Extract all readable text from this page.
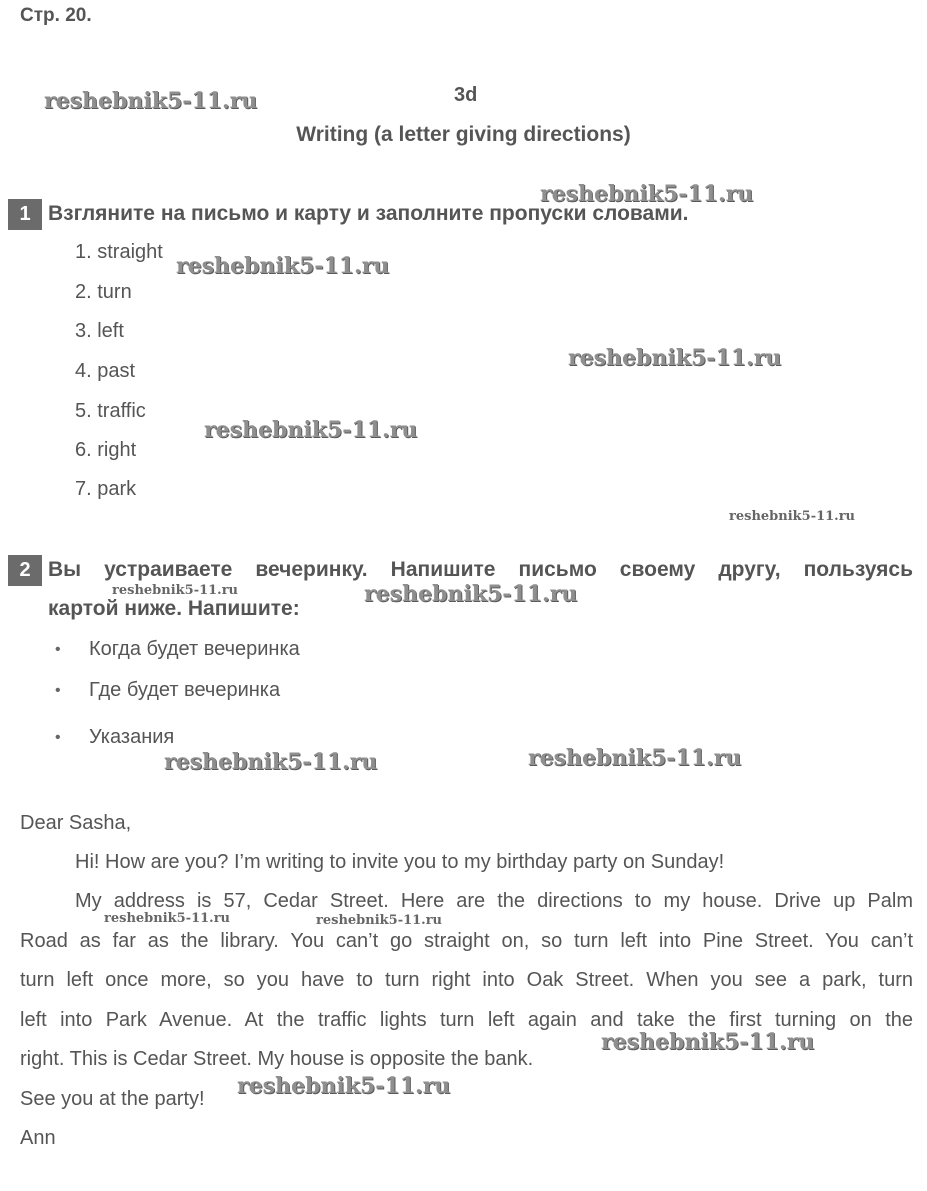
Стр. 20.
3d
Writing (a letter giving directions)
1 Взгляните на письмо и карту и заполните пропуски словами.
1. straight
2. turn
3. left
4. past
5. traffic
6. right
7. park
2 Вы устраиваете вечеринку. Напишите письмо своему другу, пользуясь
картой ниже. Напишите:
• Когда будет вечеринка
• Где будет вечеринка
• Указания
Dear Sasha,
Hi! How are you? I’m writing to invite you to my birthday party on Sunday!
My address is 57, Cedar Street. Here are the directions to my house. Drive up Palm
Road as far as the library. You can’t go straight on, so turn left into Pine Street. You can’t
turn left once more, so you have to turn right into Oak Street. When you see a park, turn
left into Park Avenue. At the traffic lights turn left again and take the first turning on the
right. This is Cedar Street. My house is opposite the bank.
See you at the party!
Ann
reshebnik5-11.ru
reshebnik5-11.ru
reshebnik5-11.ru
reshebnik5-11.ru
reshebnik5-11.ru
reshebnik5-11.ru
reshebnik5-11.ru	reshebnik5-11.ru
reshebnik5-11.ru
reshebnik5-11.ru
reshebnik5-11.ru	reshebnik5-11.ru
reshebnik5-11.ru
reshebnik5-11.ru
